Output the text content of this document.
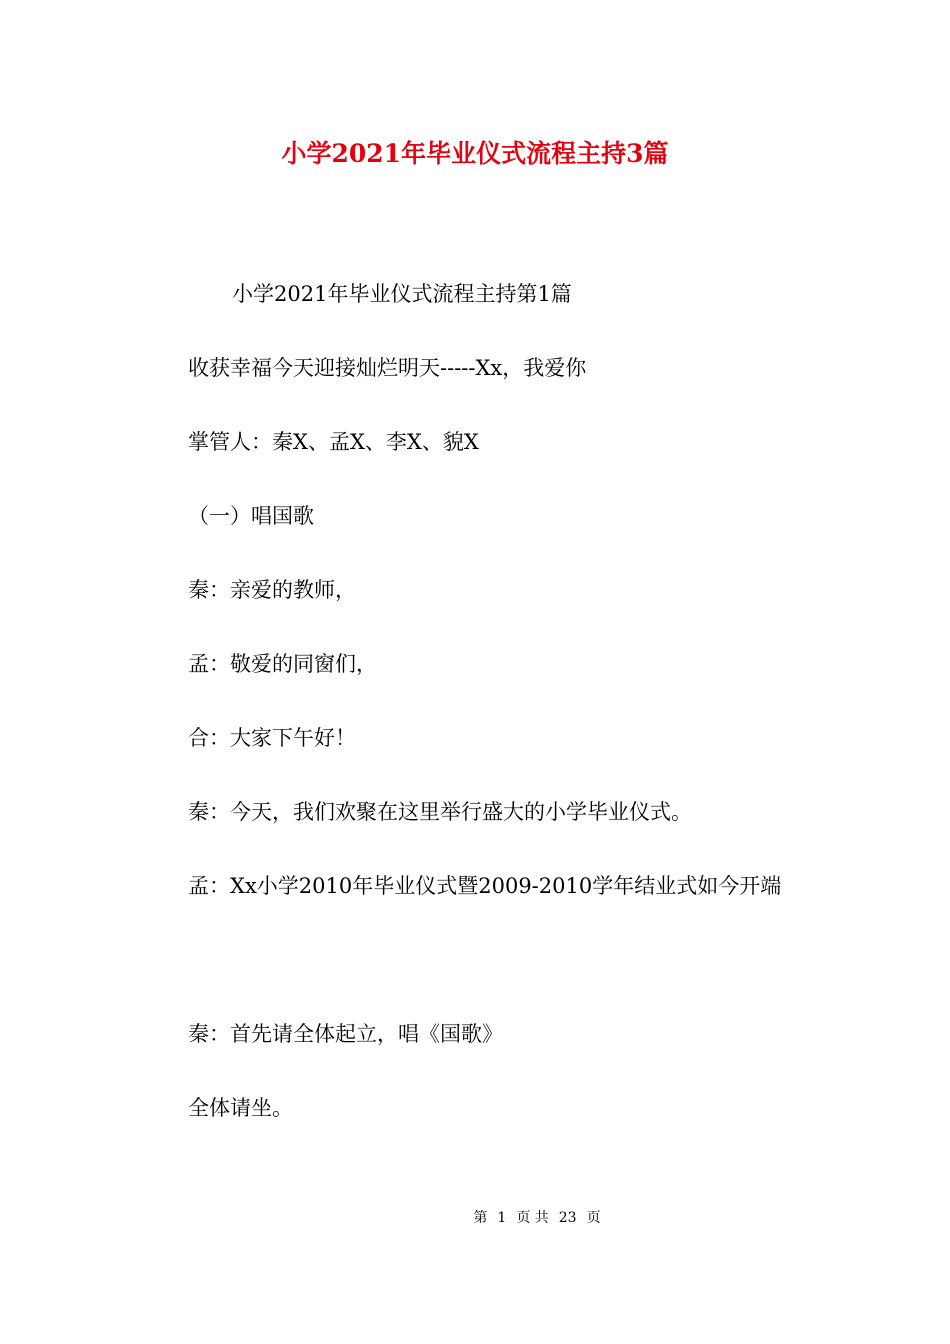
小学2021年毕业仪式流程主持3篇

小学2021年毕业仪式流程主持第1篇

收获幸福今天迎接灿烂明天-----Xx，我爱你

掌管人：秦X、孟X、李X、貌X

（一）唱国歌

秦：亲爱的教师，

孟：敬爱的同窗们，

合：大家下午好！

秦：今天，我们欢聚在这里举行盛大的小学毕业仪式。

孟：Xx小学2010年毕业仪式暨2009-2010学年结业式如今开端

秦：首先请全体起立，唱《国歌》

全体请坐。

第 1 页 共 23 页
